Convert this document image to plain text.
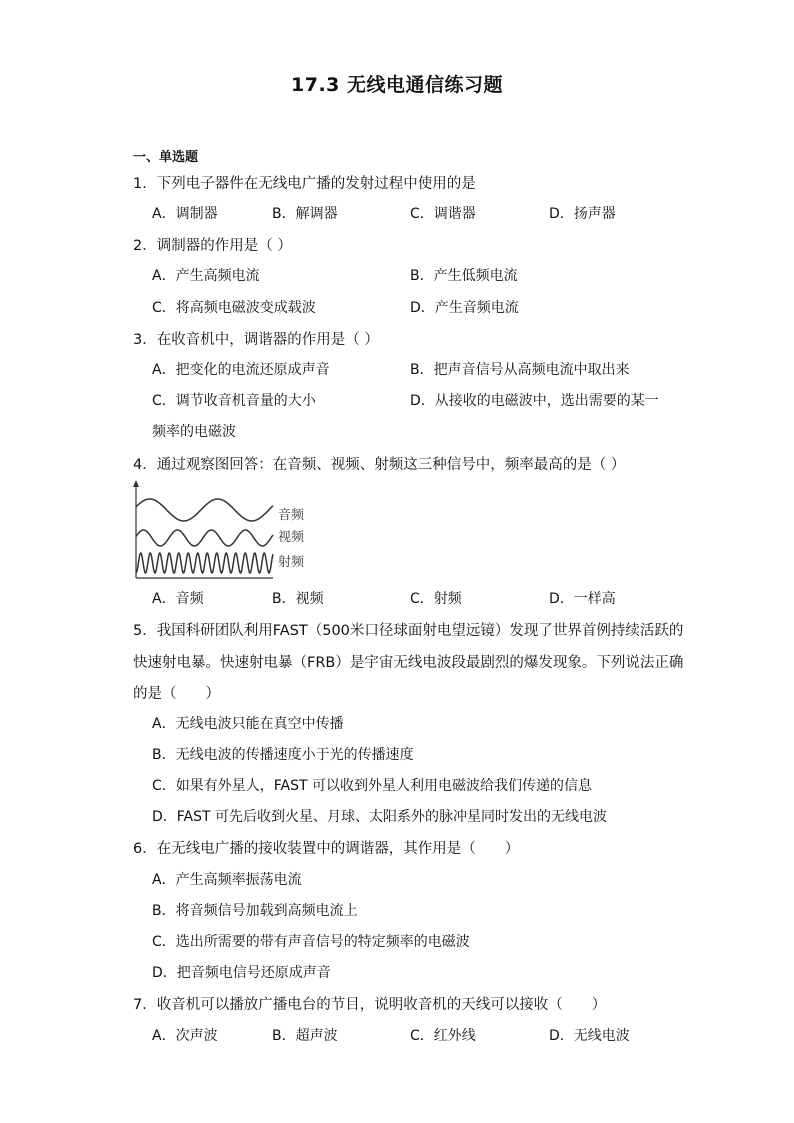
17.3 无线电通信练习题
一、单选题
1．下列电子器件在无线电广播的发射过程中使用的是
A．调制器	B．解调器	C．调谐器	D．扬声器
2．调制器的作用是（ ）
A．产生高频电流	B．产生低频电流
C．将高频电磁波变成载波	D．产生音频电流
3．在收音机中，调谐器的作用是（ ）
A．把变化的电流还原成声音	B．把声音信号从高频电流中取出来
C．调节收音机音量的大小	D．从接收的电磁波中，选出需要的某一
频率的电磁波
4．通过观察图回答：在音频、视频、射频这三种信号中，频率最高的是（ ）
音频
视频
射频
A．音频	B．视频	C．射频	D．一样高
5．我国科研团队利用FAST（500米口径球面射电望远镜）发现了世界首例持续活跃的
快速射电暴。快速射电暴（FRB）是宇宙无线电波段最剧烈的爆发现象。下列说法正确
的是（　　）
A．无线电波只能在真空中传播
B．无线电波的传播速度小于光的传播速度
C．如果有外星人，FAST 可以收到外星人利用电磁波给我们传递的信息
D．FAST 可先后收到火星、月球、太阳系外的脉冲星同时发出的无线电波
6．在无线电广播的接收装置中的调谐器，其作用是（　　）
A．产生高频率振荡电流
B．将音频信号加载到高频电流上
C．选出所需要的带有声音信号的特定频率的电磁波
D．把音频电信号还原成声音
7．收音机可以播放广播电台的节目，说明收音机的天线可以接收（　　）
A．次声波	B．超声波	C．红外线	D．无线电波
